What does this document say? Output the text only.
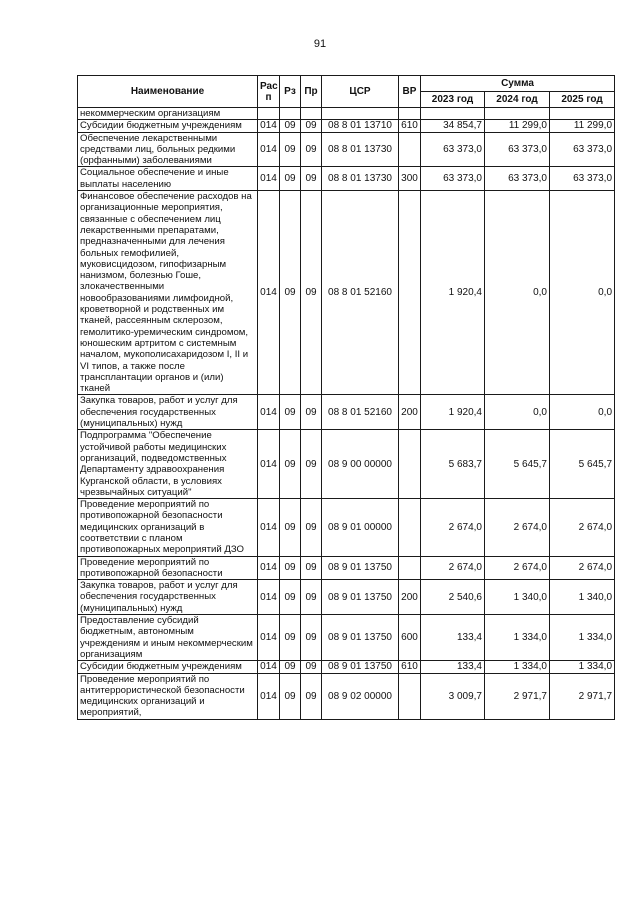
91
Наименование	Рас п	Рз	Пр	ЦСР	ВР	Сумма		
						2023 год	2024 год	2025 год
некоммерческим организациям								
Субсидии бюджетным учреждениям	014	09	09	08 8 01 13710	610	34 854,7	11 299,0	11 299,0
Обеспечение лекарственными средствами лиц, больных редкими (орфанными) заболеваниями	014	09	09	08 8 01 13730		63 373,0	63 373,0	63 373,0
Социальное обеспечение и иные выплаты населению	014	09	09	08 8 01 13730	300	63 373,0	63 373,0	63 373,0
Финансовое обеспечение расходов на организационные мероприятия, связанные с обеспечением лиц лекарственными препаратами, предназначенными для лечения больных гемофилией, муковисцидозом, гипофизарным нанизмом, болезнью Гоше, злокачественными новообразованиями лимфоидной, кроветворной и родственных им тканей, рассеянным склерозом, гемолитико-уремическим синдромом, юношеским артритом с системным началом, мукополисахаридозом I, II и VI типов, а также после трансплантации органов и (или) тканей	014	09	09	08 8 01 52160		1 920,4	0,0	0,0
Закупка товаров, работ и услуг для обеспечения государственных (муниципальных) нужд	014	09	09	08 8 01 52160	200	1 920,4	0,0	0,0
Подпрограмма "Обеспечение устойчивой работы медицинских организаций, подведомственных Департаменту здравоохранения Курганской области, в условиях чрезвычайных ситуаций"	014	09	09	08 9 00 00000		5 683,7	5 645,7	5 645,7
Проведение мероприятий по противопожарной безопасности медицинских организаций в соответствии с планом противопожарных мероприятий ДЗО	014	09	09	08 9 01 00000		2 674,0	2 674,0	2 674,0
Проведение мероприятий по противопожарной безопасности	014	09	09	08 9 01 13750		2 674,0	2 674,0	2 674,0
Закупка товаров, работ и услуг для обеспечения государственных (муниципальных) нужд	014	09	09	08 9 01 13750	200	2 540,6	1 340,0	1 340,0
Предоставление субсидий бюджетным, автономным учреждениям и иным некоммерческим организациям	014	09	09	08 9 01 13750	600	133,4	1 334,0	1 334,0
Субсидии бюджетным учреждениям	014	09	09	08 9 01 13750	610	133,4	1 334,0	1 334,0
Проведение мероприятий по антитеррористической безопасности медицинских организаций и мероприятий,	014	09	09	08 9 02 00000		3 009,7	2 971,7	2 971,7
